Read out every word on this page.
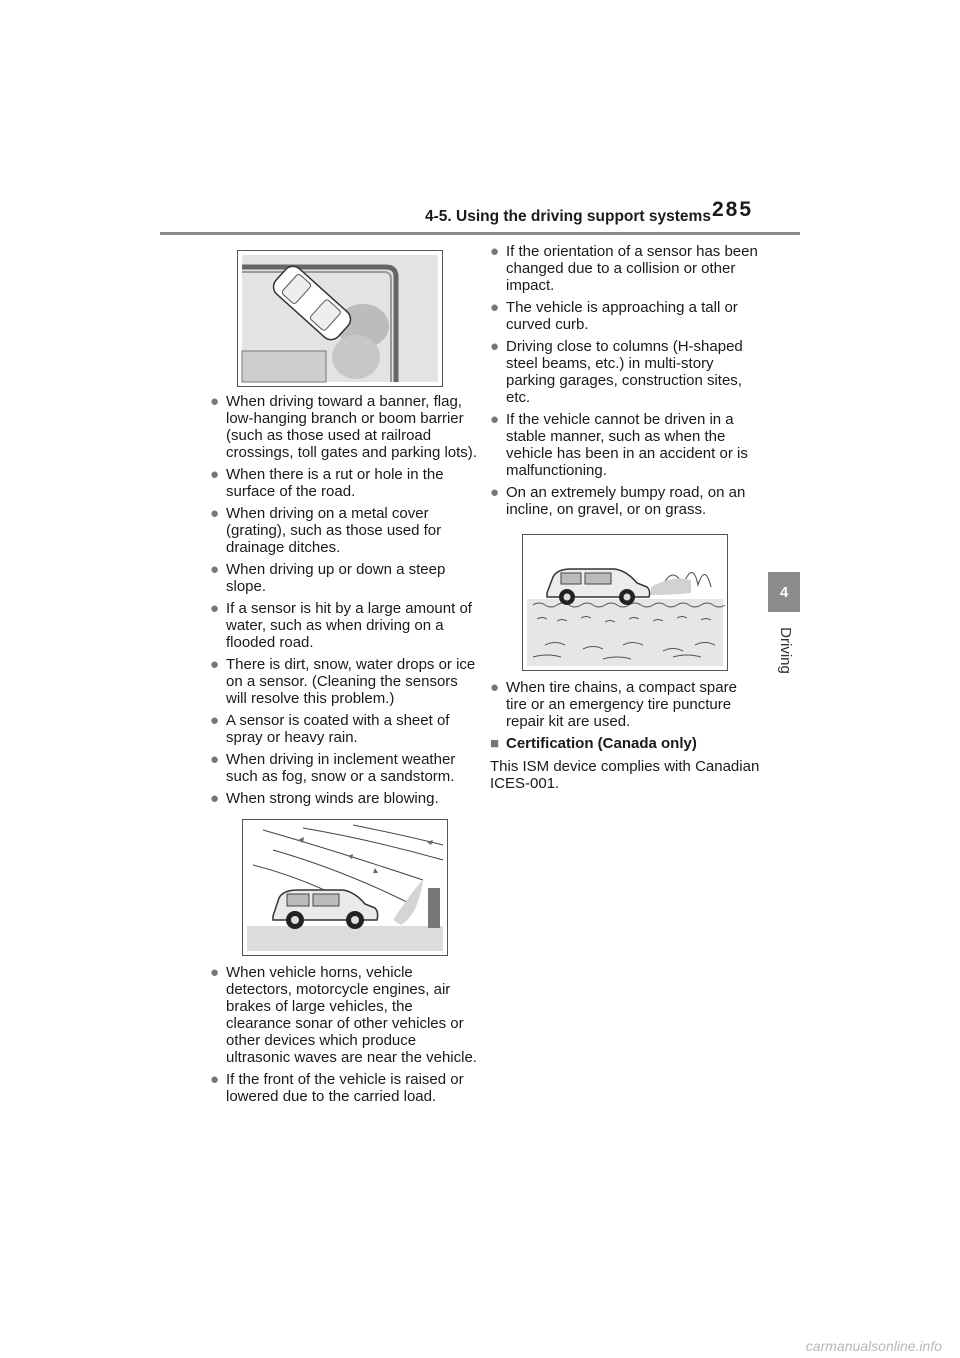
4-5. Using the driving support systems 285
4
Driving
● When driving toward a banner, flag, low-hanging branch or boom barrier (such as those used at railroad crossings, toll gates and parking lots).
● When there is a rut or hole in the surface of the road.
● When driving on a metal cover (grating), such as those used for drainage ditches.
● When driving up or down a steep slope.
● If a sensor is hit by a large amount of water, such as when driving on a flooded road.
● There is dirt, snow, water drops or ice on a sensor. (Cleaning the sensors will resolve this problem.)
● A sensor is coated with a sheet of spray or heavy rain.
● When driving in inclement weather such as fog, snow or a sandstorm.
● When strong winds are blowing.
● When vehicle horns, vehicle detectors, motorcycle engines, air brakes of large vehicles, the clearance sonar of other vehicles or other devices which produce ultrasonic waves are near the vehicle.
● If the front of the vehicle is raised or lowered due to the carried load.
● If the orientation of a sensor has been changed due to a collision or other impact.
● The vehicle is approaching a tall or curved curb.
● Driving close to columns (H-shaped steel beams, etc.) in multi-story parking garages, construction sites, etc.
● If the vehicle cannot be driven in a stable manner, such as when the vehicle has been in an accident or is malfunctioning.
● On an extremely bumpy road, on an incline, on gravel, or on grass.
● When tire chains, a compact spare tire or an emergency tire puncture repair kit are used.
■ Certification (Canada only)
This ISM device complies with Canadian ICES-001.
carmanualsonline.info
